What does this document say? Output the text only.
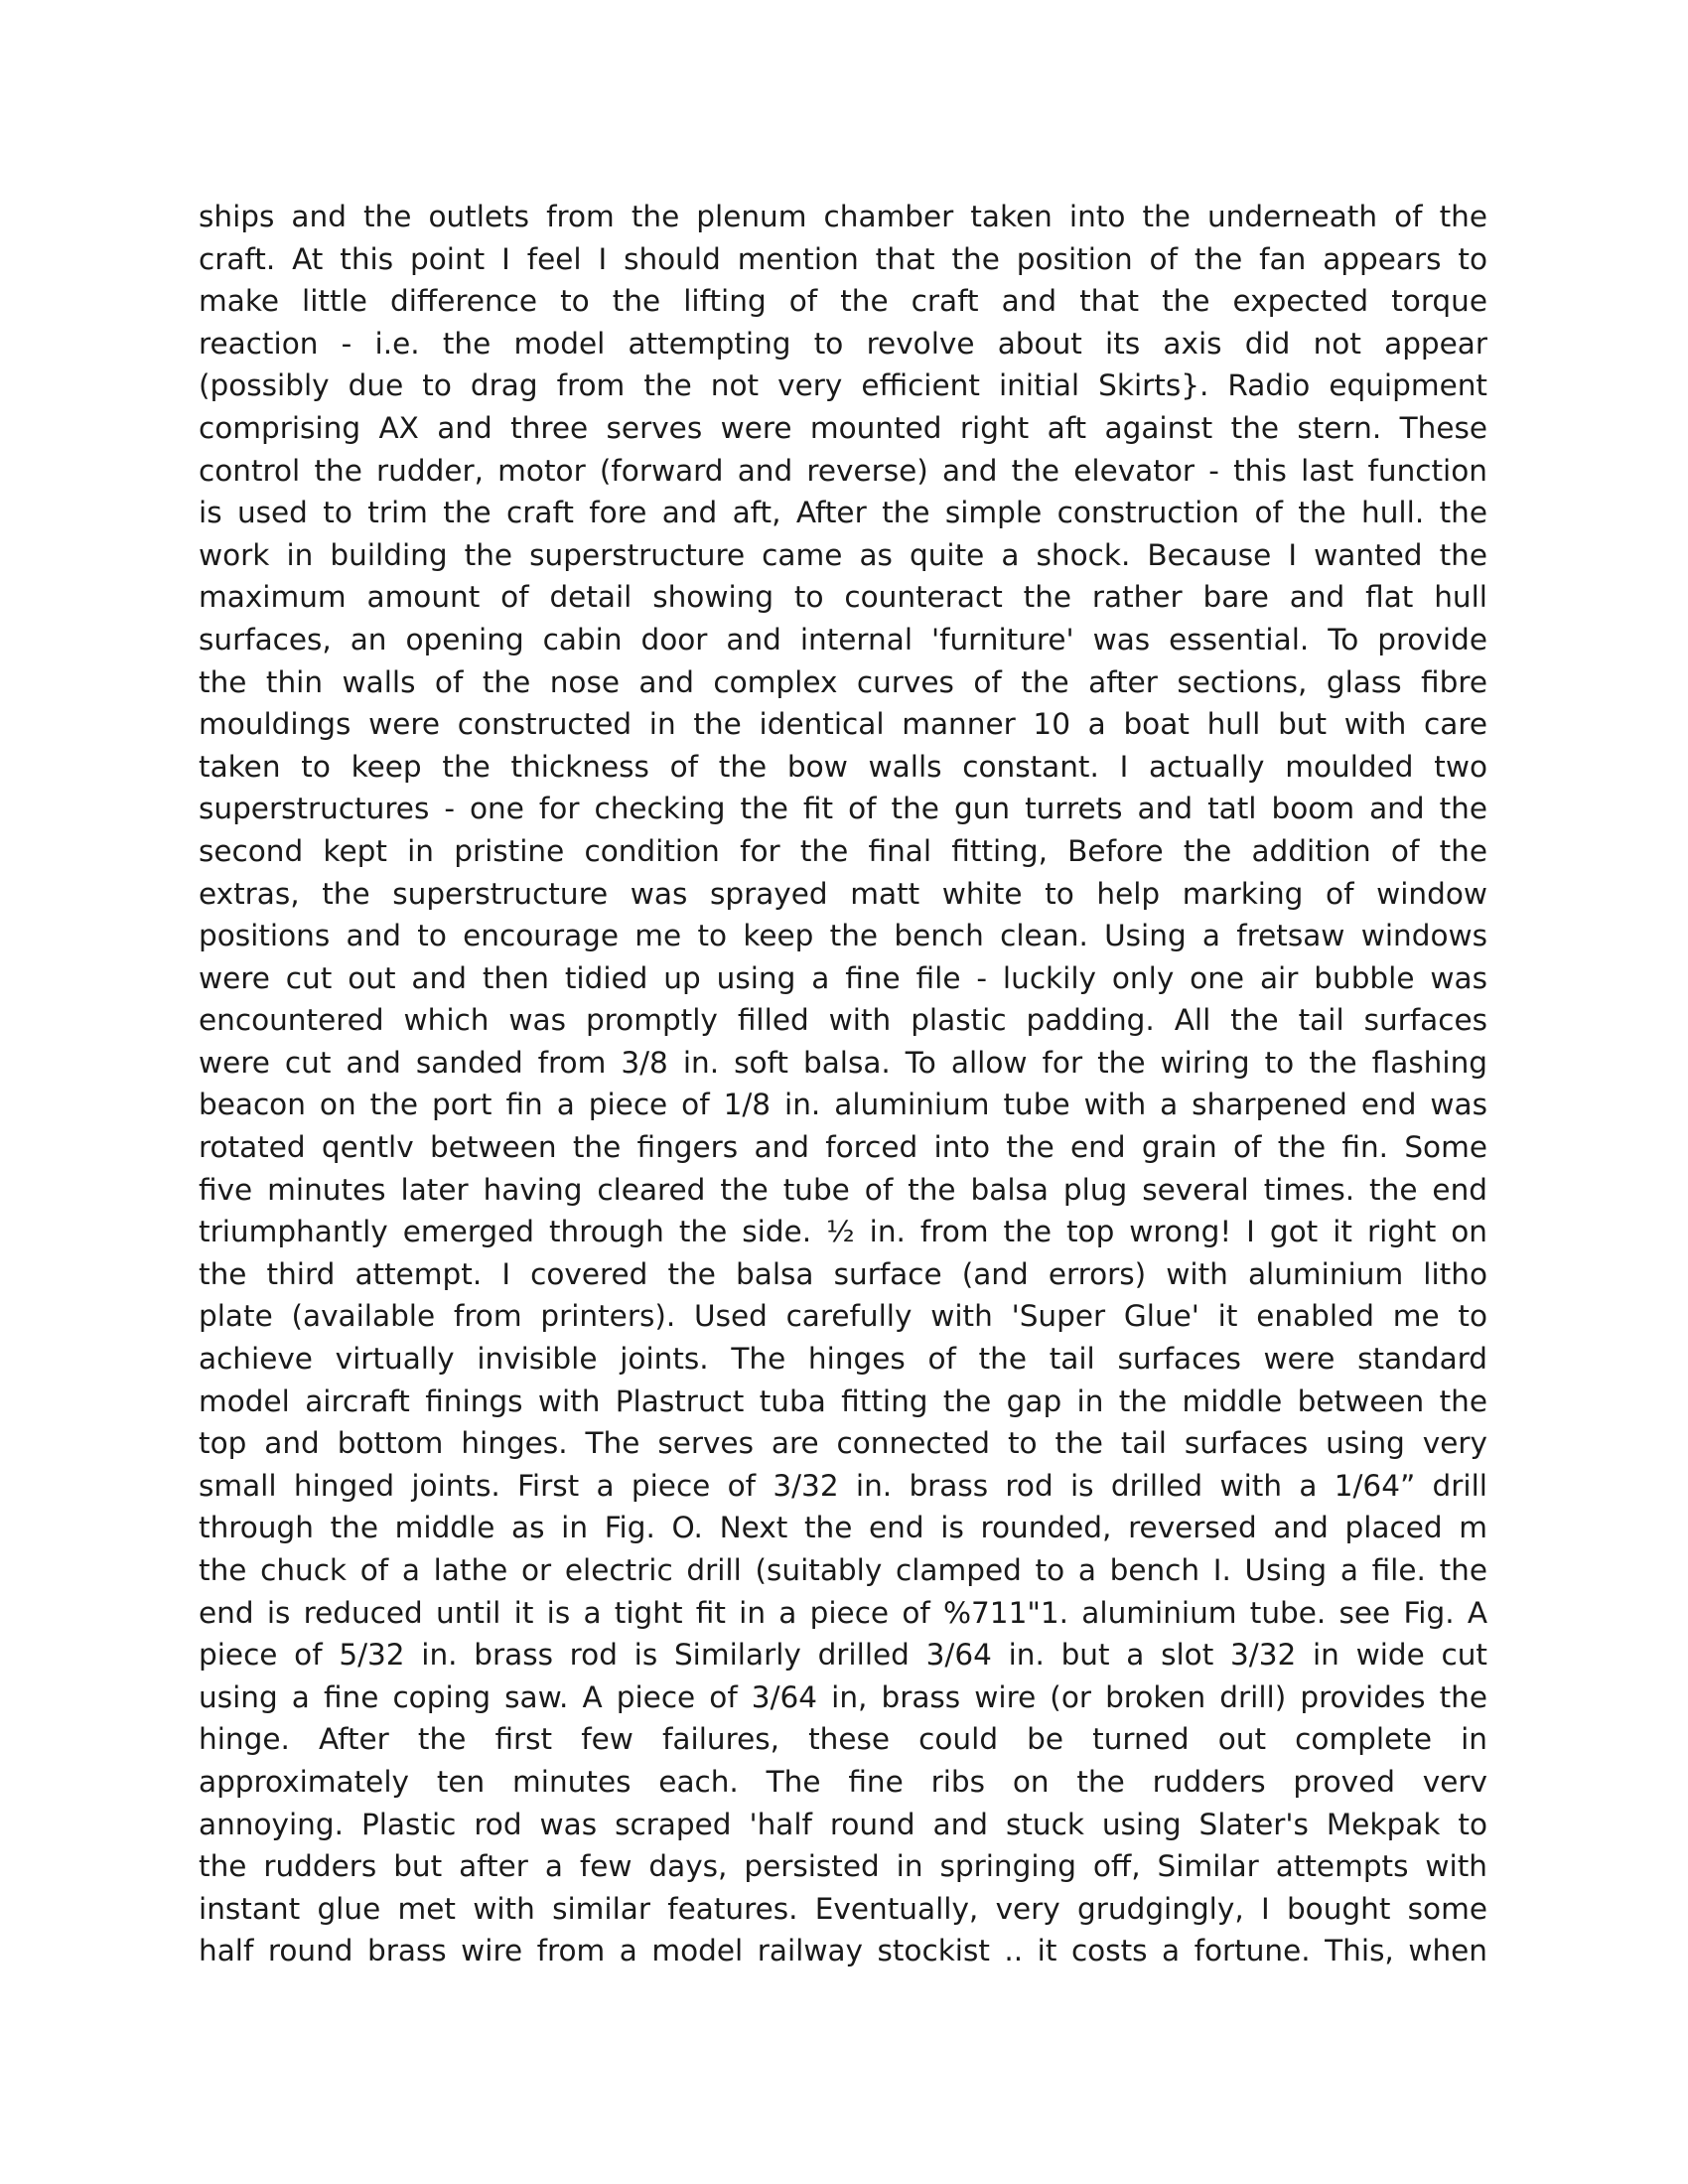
ships and the outlets from the plenum chamber taken into the underneath of the
craft. At this point I feel I should mention that the position of the fan appears to
make little difference to the lifting of the craft and that the expected torque
reaction - i.e. the model attempting to revolve about its axis did not appear
(possibly due to drag from the not very efficient initial Skirts}. Radio equipment
comprising AX and three serves were mounted right aft against the stern. These
control the rudder, motor (forward and reverse) and the elevator - this last function
is used to trim the craft fore and aft, After the simple construction of the hull. the
work in building the superstructure came as quite a shock. Because I wanted the
maximum amount of detail showing to counteract the rather bare and flat hull
surfaces, an opening cabin door and internal 'furniture' was essential. To provide
the thin walls of the nose and complex curves of the after sections, glass fibre
mouldings were constructed in the identical manner 10 a boat hull but with care
taken to keep the thickness of the bow walls constant. I actually moulded two
superstructures - one for checking the fit of the gun turrets and tatl boom and the
second kept in pristine condition for the final fitting, Before the addition of the
extras, the superstructure was sprayed matt white to help marking of window
positions and to encourage me to keep the bench clean. Using a fretsaw windows
were cut out and then tidied up using a fine file - luckily only one air bubble was
encountered which was promptly filled with plastic padding. All the tail surfaces
were cut and sanded from 3/8 in. soft balsa. To allow for the wiring to the flashing
beacon on the port fin a piece of 1/8 in. aluminium tube with a sharpened end was
rotated qentlv between the fingers and forced into the end grain of the fin. Some
five minutes later having cleared the tube of the balsa plug several times. the end
triumphantly emerged through the side. ½ in. from the top wrong! I got it right on
the third attempt. I covered the balsa surface (and errors) with aluminium litho
plate (available from printers). Used carefully with 'Super Glue' it enabled me to
achieve virtually invisible joints. The hinges of the tail surfaces were standard
model aircraft finings with Plastruct tuba fitting the gap in the middle between the
top and bottom hinges. The serves are connected to the tail surfaces using very
small hinged joints. First a piece of 3/32 in. brass rod is drilled with a 1/64” drill
through the middle as in Fig. O. Next the end is rounded, reversed and placed m
the chuck of a lathe or electric drill (suitably clamped to a bench I. Using a file. the
end is reduced until it is a tight fit in a piece of %711"1. aluminium tube. see Fig. A
piece of 5/32 in. brass rod is Similarly drilled 3/64 in. but a slot 3/32 in wide cut
using a fine coping saw. A piece of 3/64 in, brass wire (or broken drill) provides the
hinge. After the first few failures, these could be turned out complete in
approximately ten minutes each. The fine ribs on the rudders proved verv
annoying. Plastic rod was scraped 'half round and stuck using Slater's Mekpak to
the rudders but after a few days, persisted in springing off, Similar attempts with
instant glue met with similar features. Eventually, very grudgingly, I bought some
half round brass wire from a model railway stockist .. it costs a fortune. This, when
